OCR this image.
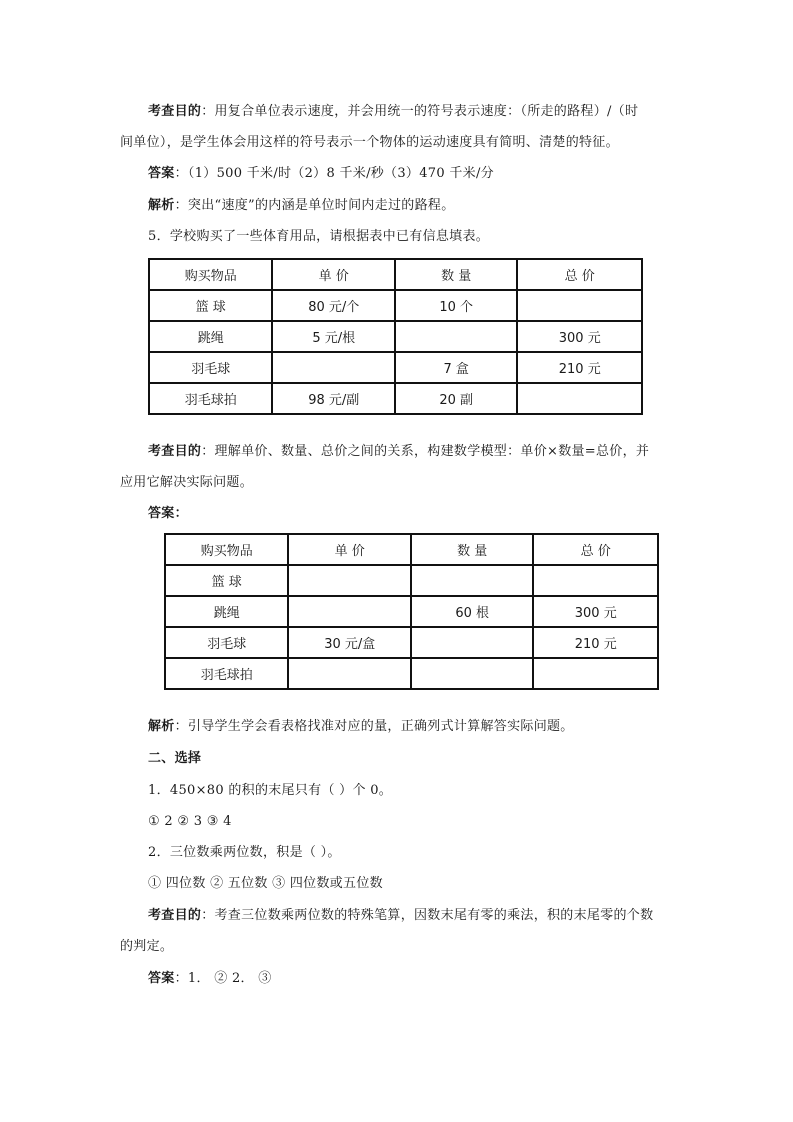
考查目的：用复合单位表示速度，并会用统一的符号表示速度：（所走的路程）/（时
间单位），是学生体会用这样的符号表示一个物体的运动速度具有简明、清楚的特征。
答案：（1）500 千米/时（2）8 千米/秒（3）470 千米/分
解析：突出“速度”的内涵是单位时间内走过的路程。
5．学校购买了一些体育用品，请根据表中已有信息填表。
购买物品	单 价	数 量	总 价
篮 球	80 元/个	10 个	
跳绳	5 元/根		300 元
羽毛球		7 盒	210 元
羽毛球拍	98 元/副	20 副	
考查目的：理解单价、数量、总价之间的关系，构建数学模型：单价×数量=总价，并
应用它解决实际问题。
答案：
购买物品	单 价	数 量	总 价
篮 球			
跳绳		60 根	300 元
羽毛球	30 元/盒		210 元
羽毛球拍			
解析：引导学生学会看表格找准对应的量，正确列式计算解答实际问题。
二、选择
1．450×80 的积的末尾只有（ ）个 0。
① 2 ② 3 ③ 4
2．三位数乘两位数，积是（ ）。
① 四位数 ② 五位数 ③ 四位数或五位数
考查目的：考查三位数乘两位数的特殊笔算，因数末尾有零的乘法，积的末尾零的个数
的判定。
答案：1． ② 2． ③
